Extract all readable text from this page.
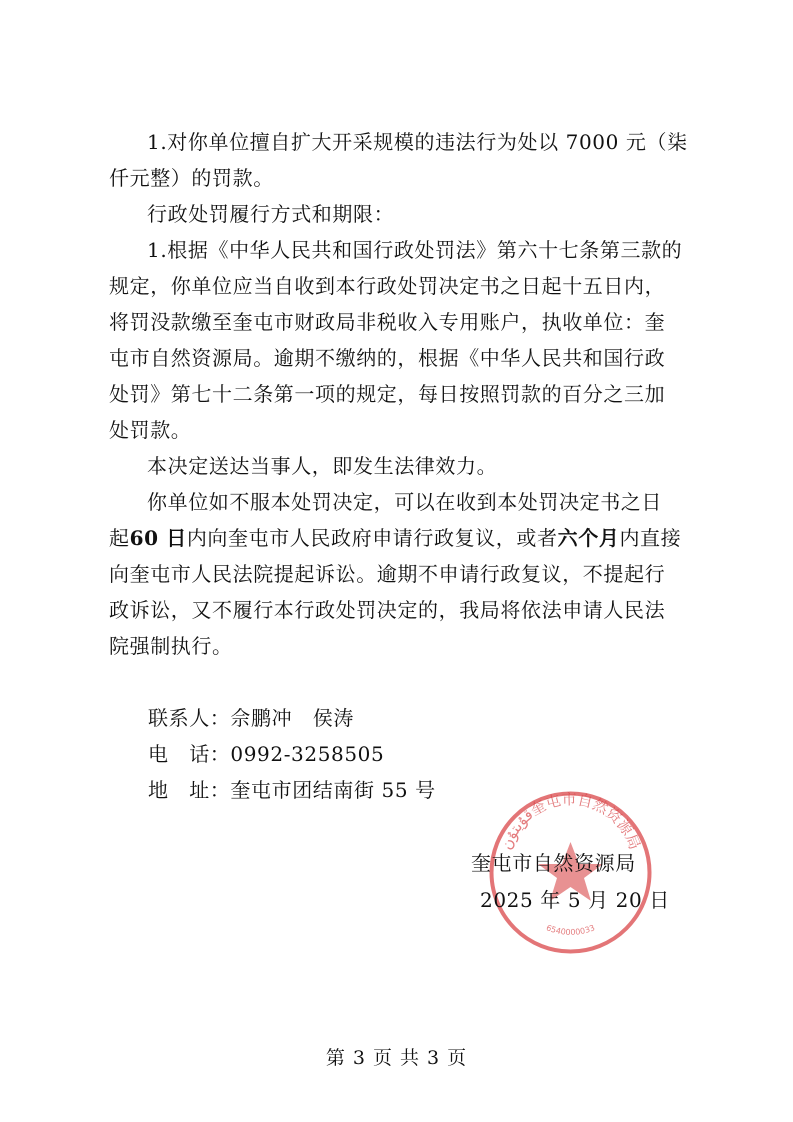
1.对你单位擅自扩大开采规模的违法行为处以 7000 元（柒
仟元整）的罚款。

行政处罚履行方式和期限：

1.根据《中华人民共和国行政处罚法》第六十七条第三款的
规定，你单位应当自收到本行政处罚决定书之日起十五日内，
将罚没款缴至奎屯市财政局非税收入专用账户，执收单位：奎
屯市自然资源局。逾期不缴纳的，根据《中华人民共和国行政
处罚》第七十二条第一项的规定，每日按照罚款的百分之三加
处罚款。

本决定送达当事人，即发生法律效力。

你单位如不服本处罚决定，可以在收到本处罚决定书之日
起60 日内向奎屯市人民政府申请行政复议，或者六个月内直接
向奎屯市人民法院提起诉讼。逾期不申请行政复议，不提起行
政诉讼，又不履行本行政处罚决定的，我局将依法申请人民法
院强制执行。

联系人：佘鹏冲　侯涛
电　话：0992-3258505
地　址：奎屯市团结南街 55 号
ﻗﯘيتۇن奎屯市自然资源局
6540000033
奎屯市自然资源局
2025 年 5 月 20 日
第 3 页 共 3 页
